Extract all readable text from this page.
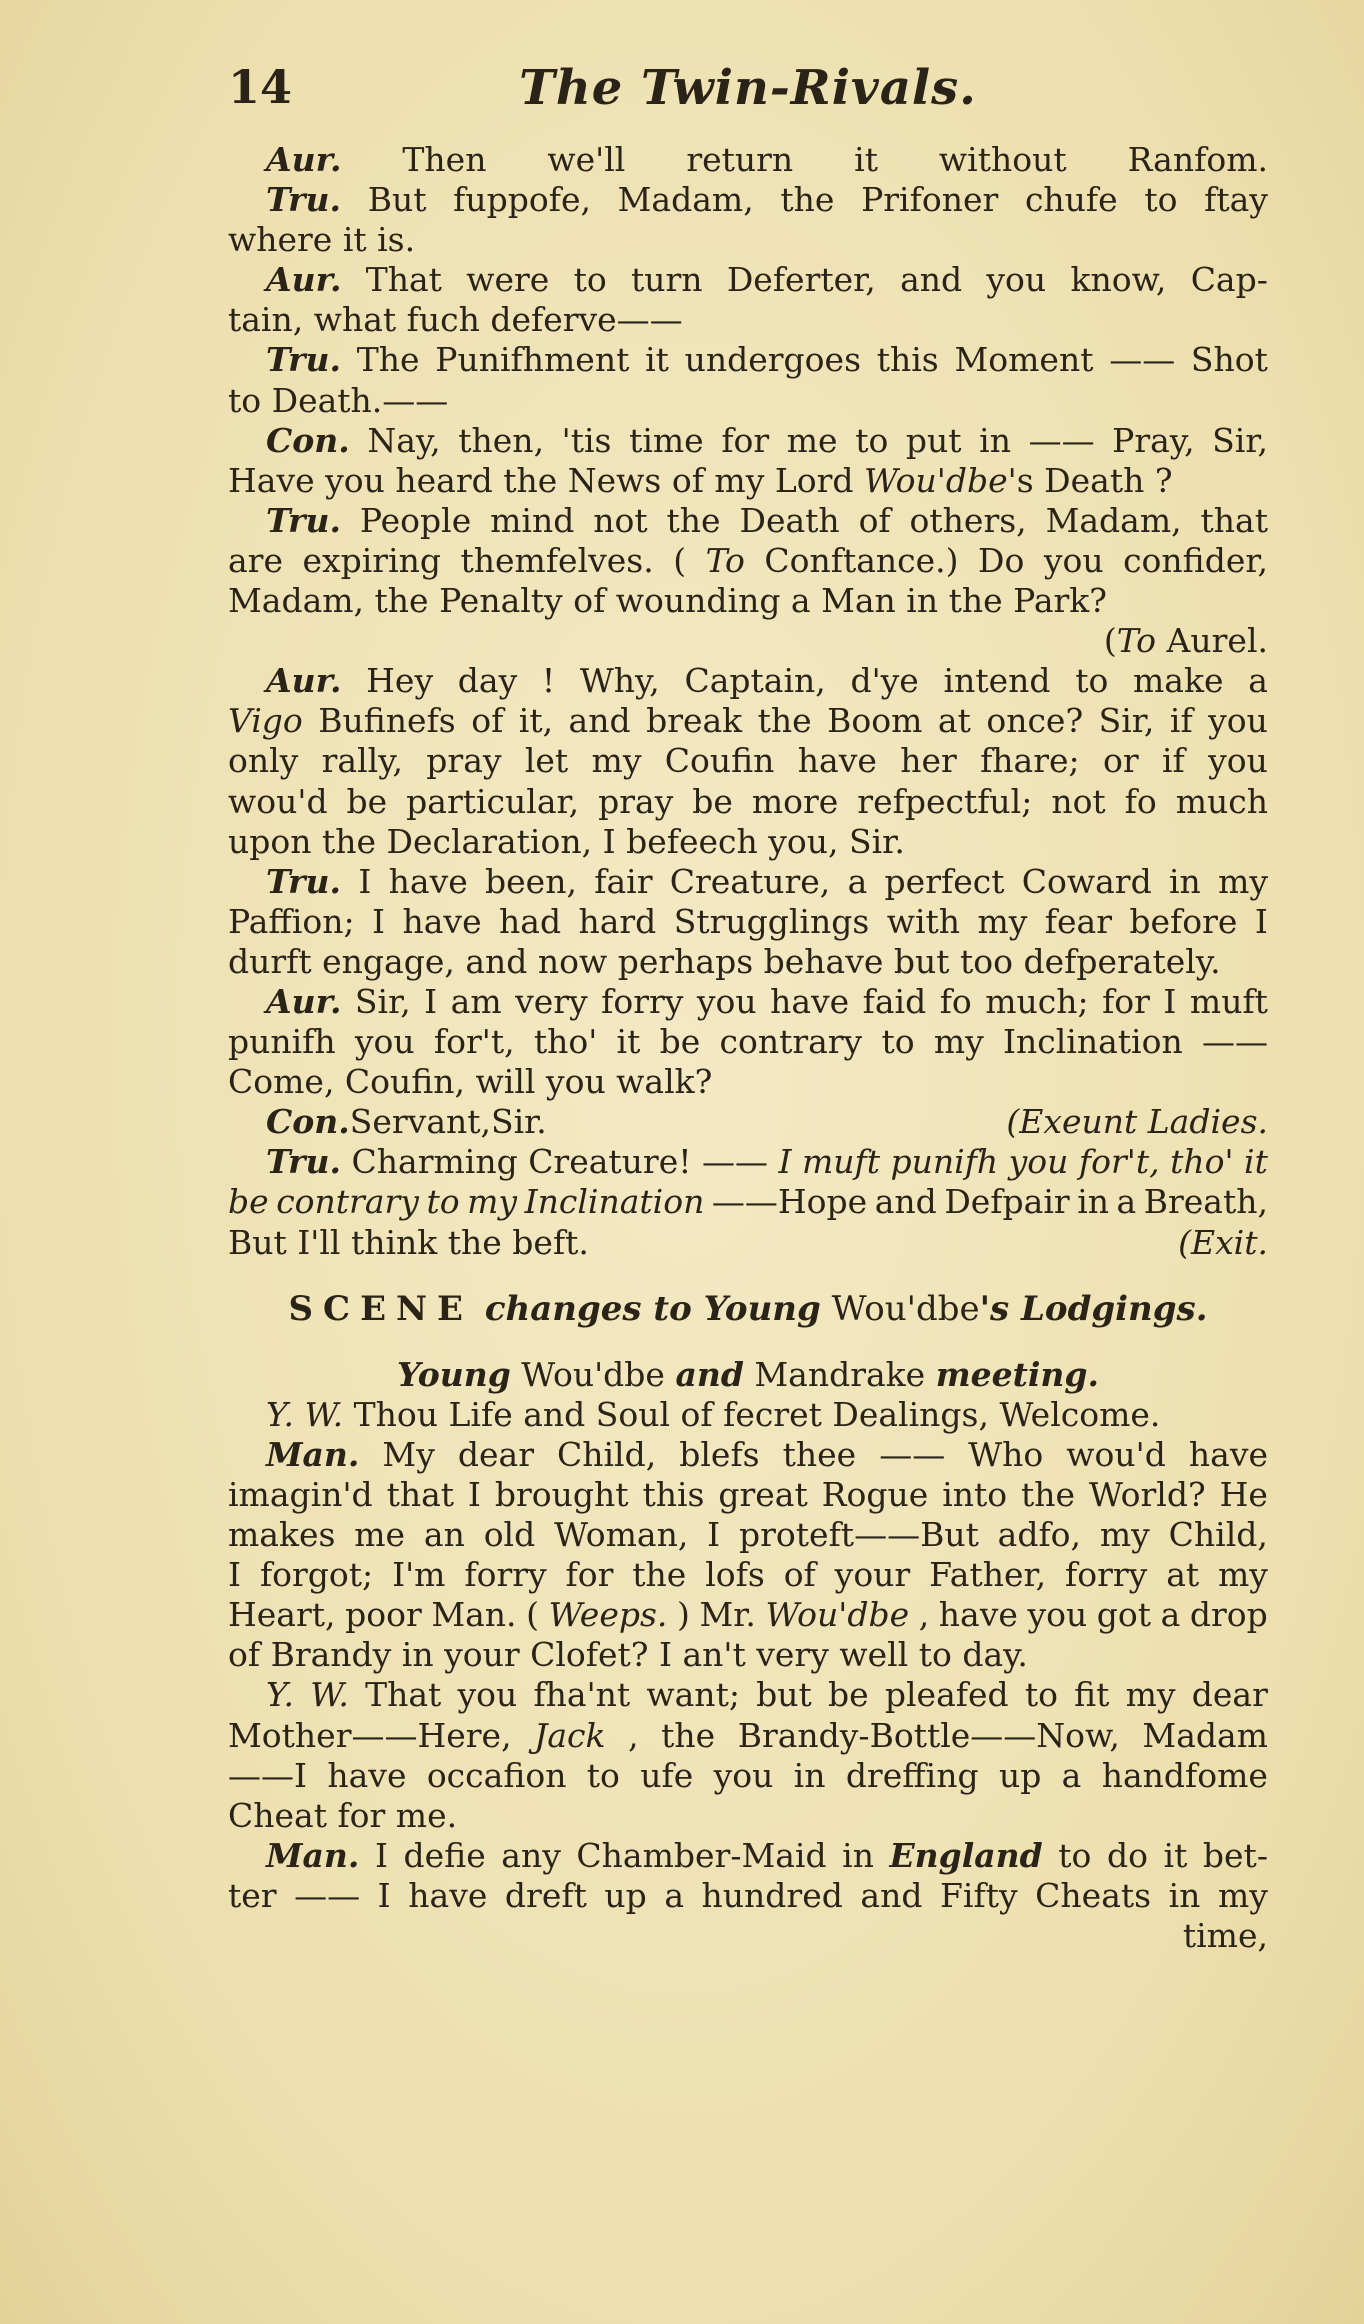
14	The Twin-Rivals.
Aur. Then we'll return it without Ranfom.
Tru. But fuppofe, Madam, the Prifoner chufe to ftay
where it is.
Aur. That were to turn Deferter, and you know, Cap-
tain, what fuch deferve——
Tru. The Punifhment it undergoes this Moment —— Shot
to Death.——
Con. Nay, then, 'tis time for me to put in —— Pray, Sir,
Have you heard the News of my Lord Wou'dbe 's Death ?
Tru. People mind not the Death of others, Madam, that
are expiring themfelves. ( To Conftance.) Do you confider,
Madam, the Penalty of wounding a Man in the Park?
( To Aurel.
Aur. Hey day ! Why, Captain, d'ye intend to make a
Vigo Bufinefs of it, and break the Boom at once? Sir, if you
only rally, pray let my Coufin have her fhare; or if you
wou'd be particular, pray be more refpectful; not fo much
upon the Declaration, I befeech you, Sir.
Tru. I have been, fair Creature, a perfect Coward in my
Paffion; I have had hard Strugglings with my fear before I
durft engage, and now perhaps behave but too defperately.
Aur. Sir, I am very forry you have faid fo much; for I muft
punifh you for't, tho' it be contrary to my Inclination ——
Come, Coufin, will you walk?
Con. Servant, Sir.	(Exeunt Ladies.
Tru. Charming Creature! —— I muft punifh you for't, tho' it
be contrary to my Inclination ——Hope and Defpair in a Breath,
But I'll think the beft.	(Exit.
SCENE changes to Young Wou'dbe 's Lodgings.
Young Wou'dbe and Mandrake meeting.
Y. W. Thou Life and Soul of fecret Dealings, Welcome.
Man. My dear Child, blefs thee —— Who wou'd have
imagin'd that I brought this great Rogue into the World? He
makes me an old Woman, I proteft——But adfo, my Child,
I forgot; I'm forry for the lofs of your Father, forry at my
Heart, poor Man. ( Weeps. ) Mr. Wou'dbe , have you got a drop
of Brandy in your Clofet? I an't very well to day.
Y. W. That you fha'nt want; but be pleafed to fit my dear
Mother——Here, Jack , the Brandy-Bottle——Now, Madam
——I have occafion to ufe you in dreffing up a handfome
Cheat for me.
Man. I defie any Chamber-Maid in England to do it bet-
ter —— I have dreft up a hundred and Fifty Cheats in my
time,
